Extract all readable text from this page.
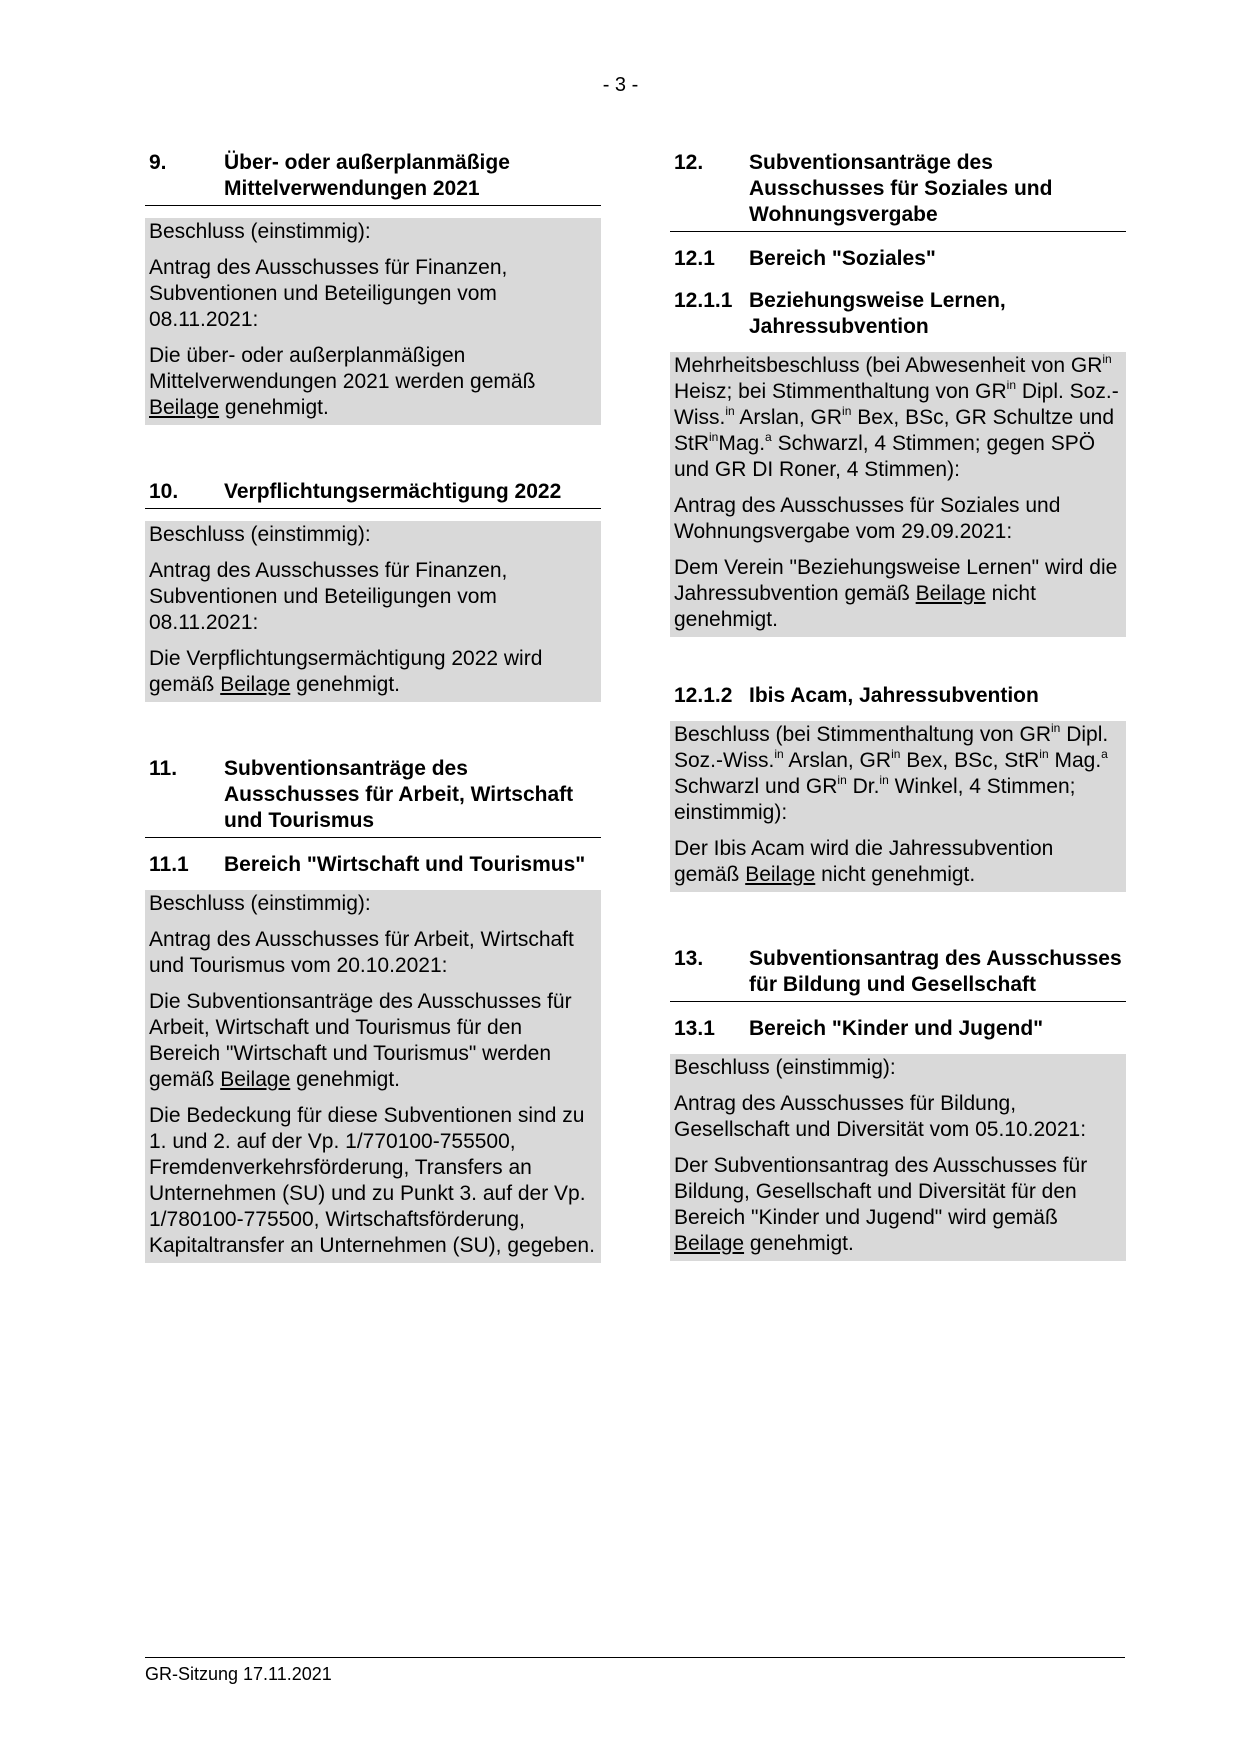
- 3 -
9.	Über- oder außerplanmäßige Mittelverwendungen 2021

Beschluss (einstimmig):

Antrag des Ausschusses für Finanzen, Subventionen und Beteiligungen vom 08.11.2021:

Die über- oder außerplanmäßigen Mittelverwendungen 2021 werden gemäß Beilage genehmigt.

10.	Verpflichtungsermächtigung 2022

Beschluss (einstimmig):

Antrag des Ausschusses für Finanzen, Subventionen und Beteiligungen vom 08.11.2021:

Die Verpflichtungsermächtigung 2022 wird gemäß Beilage genehmigt.

11.	Subventionsanträge des Ausschusses für Arbeit, Wirtschaft und Tourismus
11.1	Bereich "Wirtschaft und Tourismus"

Beschluss (einstimmig):

Antrag des Ausschusses für Arbeit, Wirtschaft und Tourismus vom 20.10.2021:

Die Subventionsanträge des Ausschusses für Arbeit, Wirtschaft und Tourismus für den Bereich "Wirtschaft und Tourismus" werden gemäß Beilage genehmigt.

Die Bedeckung für diese Subventionen sind zu 1. und 2. auf der Vp. 1/770100-755500, Fremdenverkehrsförderung, Transfers an Unternehmen (SU) und zu Punkt 3. auf der Vp. 1/780100-775500, Wirtschaftsförderung, Kapitaltransfer an Unternehmen (SU), gegeben.

12.	Subventionsanträge des Ausschusses für Soziales und Wohnungsvergabe
12.1	Bereich "Soziales"
12.1.1 Beziehungsweise Lernen, Jahressubvention

Mehrheitsbeschluss (bei Abwesenheit von $GR^{in}$ Heisz; bei Stimmenthaltung von $GR^{in}$ Dipl. Soz.-Wiss.$^{in}$ Arslan, $GR^{in}$ Bex, BSc, GR Schultze und StR$^{in}$Mag.$^a$ Schwarzl, 4 Stimmen; gegen SPÖ und GR DI Roner, 4 Stimmen):

Antrag des Ausschusses für Soziales und Wohnungsvergabe vom 29.09.2021:

Dem Verein "Beziehungsweise Lernen" wird die Jahressubvention gemäß Beilage nicht genehmigt.

12.1.2 Ibis Acam, Jahressubvention

Beschluss (bei Stimmenthaltung von $GR^{in}$ Dipl. Soz.-Wiss.$^{in}$ Arslan, $GR^{in}$ Bex, BSc, StR$^{in}$ Mag.$^a$ Schwarzl und $GR^{in}$ Dr.$^{in}$ Winkel, 4 Stimmen; einstimmig):

Der Ibis Acam wird die Jahressubvention gemäß Beilage nicht genehmigt.

13.	Subventionsantrag des Ausschusses für Bildung und Gesellschaft
13.1	Bereich "Kinder und Jugend"

Beschluss (einstimmig):

Antrag des Ausschusses für Bildung, Gesellschaft und Diversität vom 05.10.2021:

Der Subventionsantrag des Ausschusses für Bildung, Gesellschaft und Diversität für den Bereich "Kinder und Jugend" wird gemäß Beilage genehmigt.

GR-Sitzung 17.11.2021
